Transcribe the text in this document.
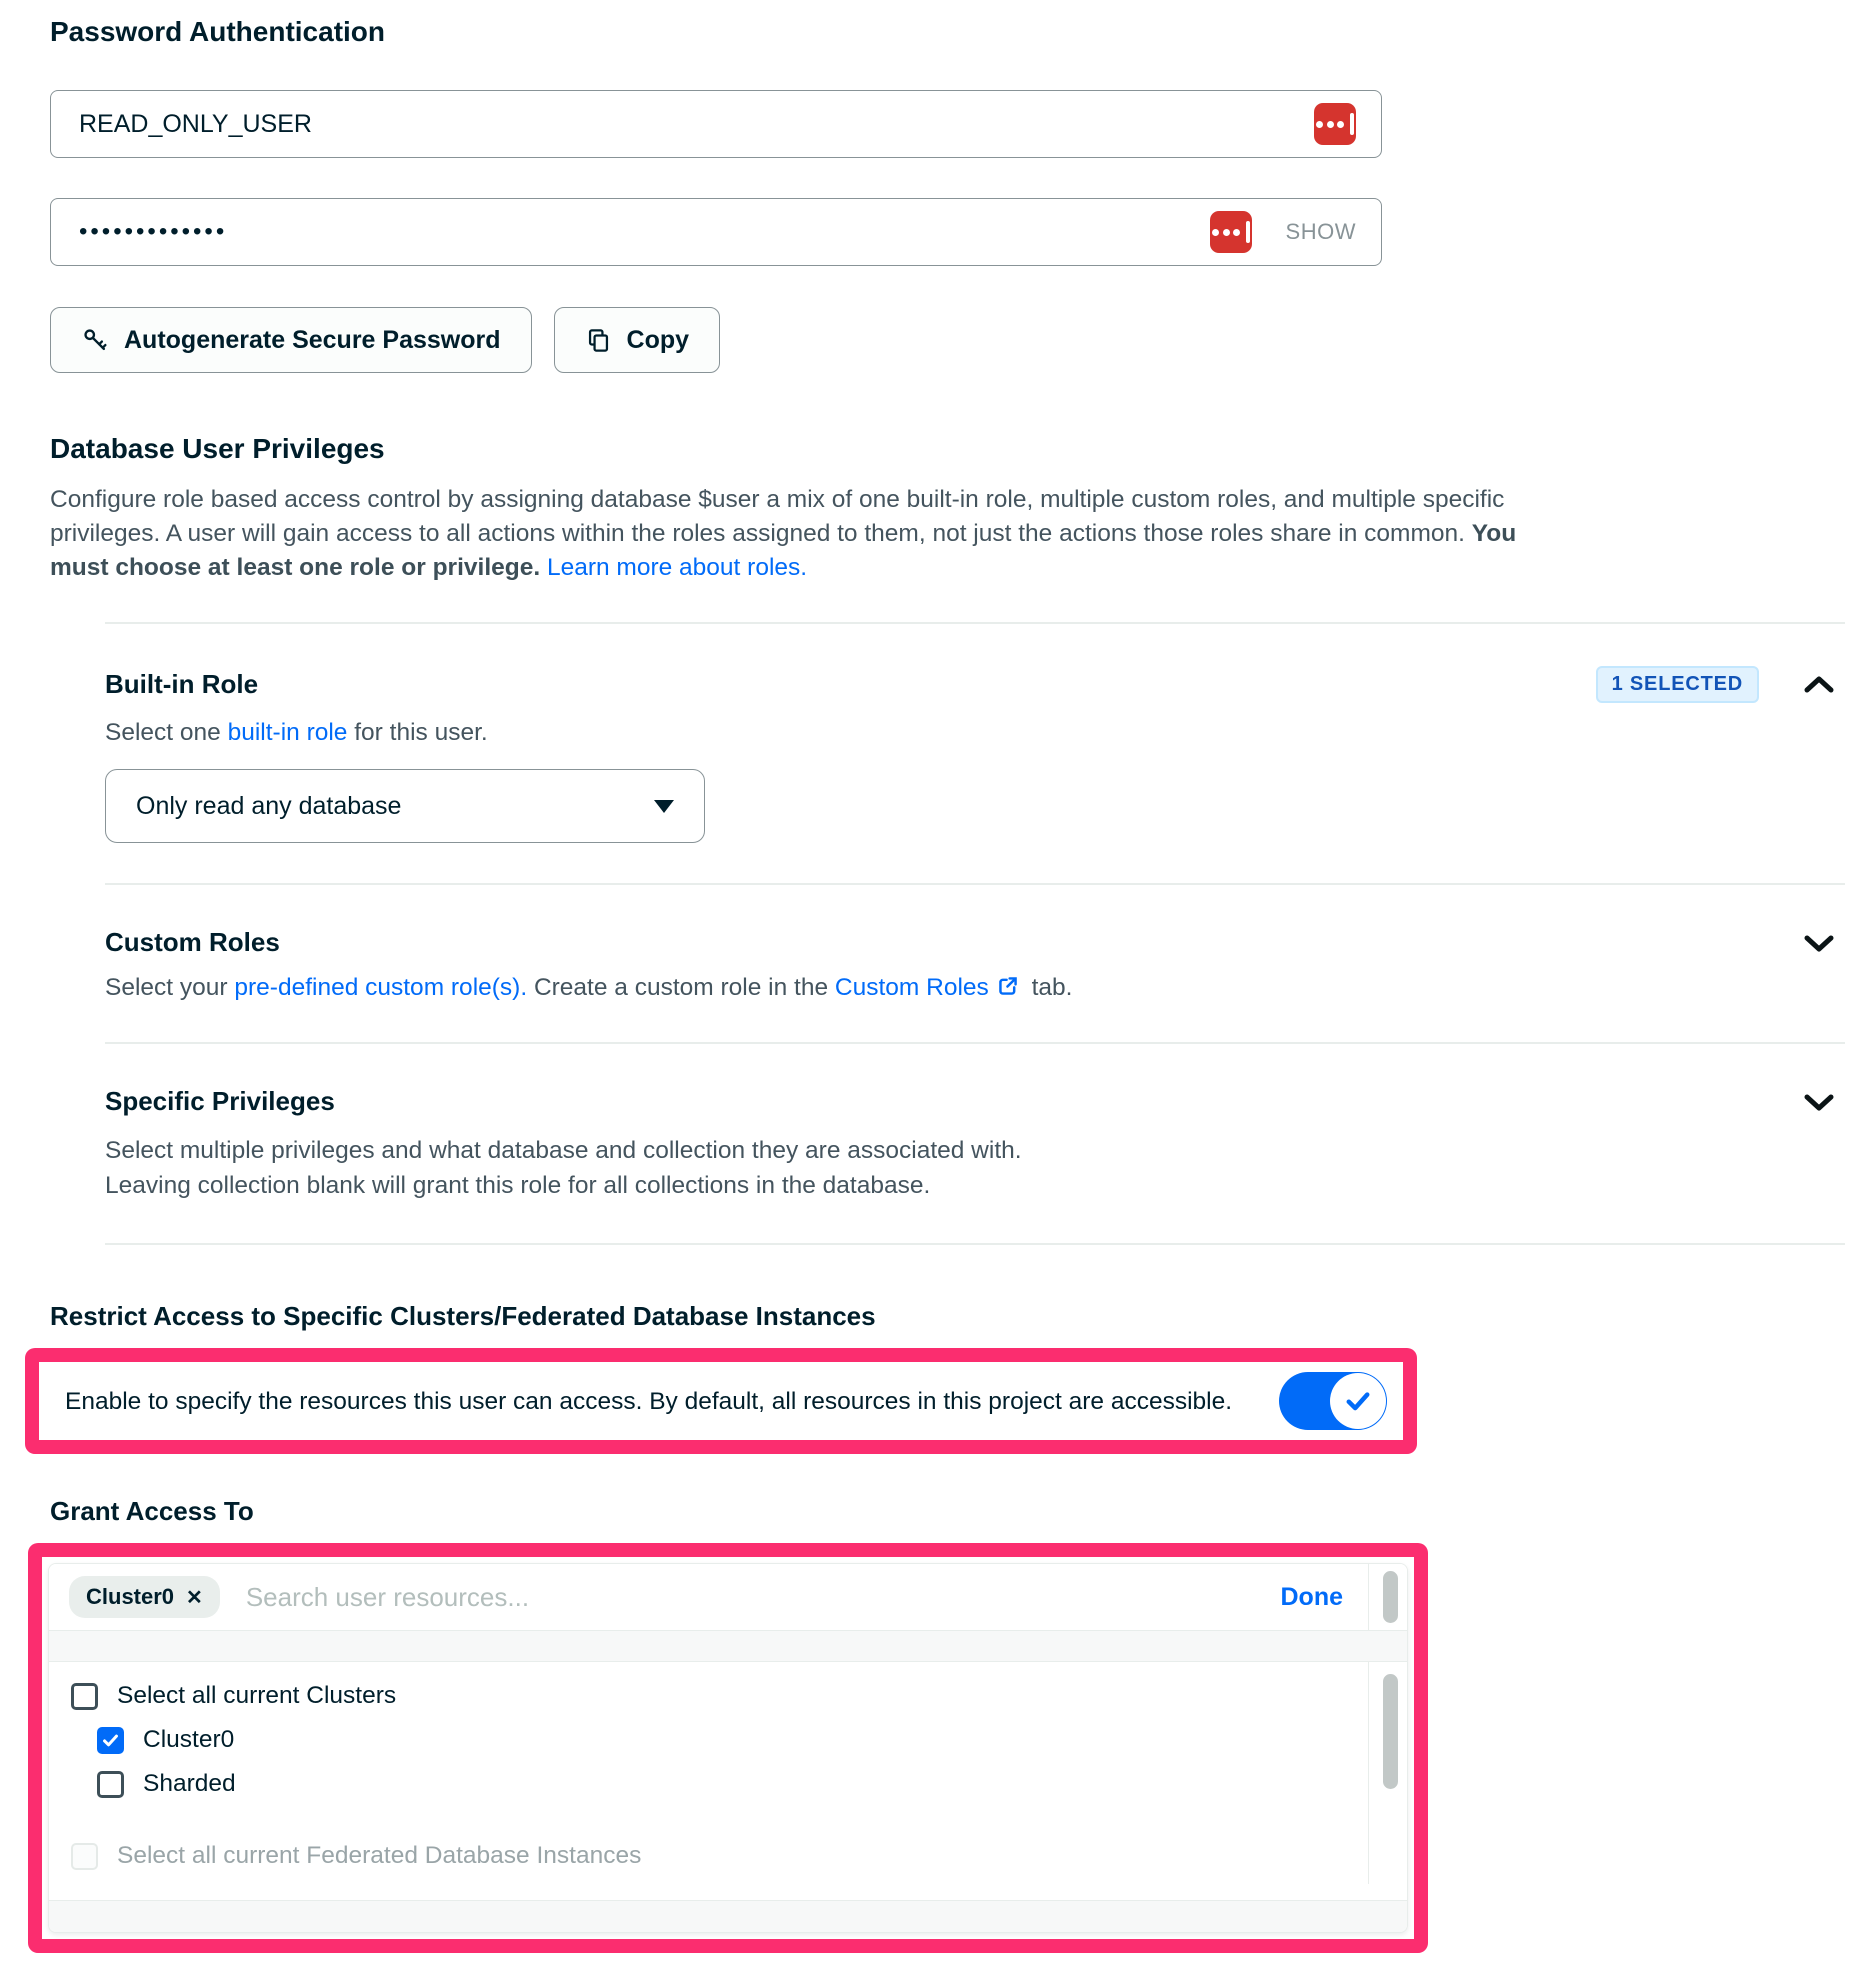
Password Authentication
READ_ONLY_USER
•••••••••••••
SHOW
Autogenerate Secure Password	Copy
Database User Privileges

Configure role based access control by assigning database $user a mix of one built-in role, multiple custom roles, and multiple specific privileges. A user will gain access to all actions within the roles assigned to them, not just the actions those roles share in common. You must choose at least one role or privilege. Learn more about roles.

Built-in Role	1 SELECTED
Select one built-in role for this user.
Only read any database
Custom Roles
Select your pre-defined custom role(s). Create a custom role in the Custom Roles tab.
Specific Privileges
Select multiple privileges and what database and collection they are associated with.
Leaving collection blank will grant this role for all collections in the database.
Restrict Access to Specific Clusters/Federated Database Instances
Enable to specify the resources this user can access. By default, all resources in this project are accessible.
Grant Access To
Cluster0 ✕
Search user resources...	Done
Select all current Clusters
Cluster0
Sharded
Select all current Federated Database Instances
